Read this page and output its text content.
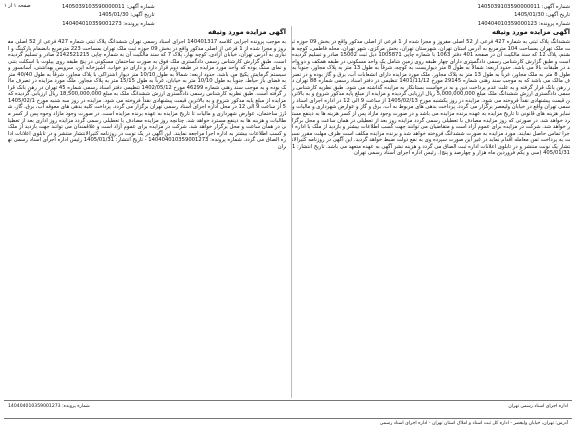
شماره آگهی: 1405039103590000011
تاریخ آگهی: 1405/01/30
شماره پرونده: 140404010359000123
شماره آگهی: 1405039103590000011
تاریخ آگهی: 1405/01/30
شماره پرونده: 140404010359001273
صفحه ۱ از ۱
آگهی مزایده مورد وثیقه
ششدانگ پلاک ثبتی به شماره 427 فرعی از 52 اصلی مفروز و مجزا شده از 1 فرعی از اصلی مذکور واقع در بخش 09 حوزه ثبت ملک تهران بمساحت 104 مترمربع به آدرس استان تهران، شهرستان تهران، بخش مرکزی، شهر تهران، محله فاطمی، کوچه هشتم، پلاک 12 که سند مالکیت آن در صفحه 401 دفتر 1063 با شماره چاپی 1005871 ذیل ثبت 15002 صادر و تسلیم گردیده است و طبق گزارش کارشناس رسمی دادگستری دارای چهار طبقه روی زمین شامل یک واحد مسکونی در طبقه همکف و دو واحد در طبقات بالا می باشد. حدود اربعه: شمالاً به طول 8 متر دیواریست به کوچه، شرقاً به طول 13 متر به پلاک مجاور، جنوباً به طول 8 متر به ملک مجاور، غرباً به طول 13 متر به پلاک مجاور. ملک مورد مزایده دارای انشعابات آب، برق و گاز بوده و در تصرف مالک می باشد که به موجب سند رهنی شماره 29145 مورخ 1401/11/12 تنظیمی در دفتر اسناد رسمی شماره 88 تهران در رهن بانک قرار گرفته و به علت عدم پرداخت دین و به درخواست بستانکار به مزایده گذاشته می شود. طبق نظریه کارشناس رسمی دادگستری ارزش ششدانگ ملک مبلغ 5,000,000,000 ریال ارزیابی گردیده و مزایده از مبلغ پایه مذکور شروع و به بالاترین قیمت پیشنهادی نقداً فروخته می شود. مزایده در روز یکشنبه مورخ 1405/02/13 از ساعت 9 الی 12 در اداره اجرای اسناد رسمی تهران واقع در خیابان ولیعصر برگزار می گردد. پرداخت بدهی های مربوط به آب، برق و گاز و عوارض شهرداری و مالیات و سایر هزینه های قانونی تا تاریخ مزایده به عهده برنده مزایده می باشد و در صورت وجود مازاد پس از کسر هزینه ها به ذینفع مسترد خواهد شد. در صورتی که روز مزایده مصادف با تعطیلی رسمی گردد مزایده روز بعد از تعطیلی در همان ساعت و محل برگزار خواهد شد. شرکت در مزایده برای عموم آزاد است و متقاضیان می توانند جهت کسب اطلاعات بیشتر و بازدید از ملک با اداره اجرا تماس حاصل نمایند. مورد مزایده به صورت ششدانگ فروخته خواهد شد و برنده مزایده مکلف است ظرف مهلت مقرر نسبت به پرداخت ثمن معامله اقدام نماید در غیر این صورت سپرده وی به نفع دولت ضبط خواهد گردید. این آگهی در روزنامه کثیرالانتشار یک نوبت منتشر و در تابلوی اعلانات اداره ثبت الصاق می گردد و هزینه نشر آگهی به عهده متعهد می باشد. تاریخ انتشار: 1405/01/31 (سی و یکم فروردین ماه هزار و چهارصد و پنج). رئیس اداره اجرای اسناد رسمی تهران
آگهی مزایده مورد وثیقه
به موجب پرونده اجرایی کلاسه 140401317 اجرای اسناد رسمی تهران ششدانگ پلاک ثبتی شماره 427 فرعی از 52 اصلی مفروز و مجزا شده از 1 فرعی از اصلی مذکور واقع در بخش 09 حوزه ثبت ملک تهران بمساحت 223 مترمربع بانضمام پارکینگ و انباری به آدرس تهران، خیابان آزادی، کوچه بهار، پلاک 7 که سند مالکیت آن به شماره چاپی 2142521215 صادر و تسلیم گردیده است، طبق گزارش کارشناس رسمی دادگستری ملک فوق به صورت ساختمان مسکونی در پنج طبقه روی پیلوت با اسکلت بتنی و نمای سنگ بوده که واحد مورد مزایده در طبقه دوم قرار دارد و دارای دو خواب، آشپزخانه اپن، سرویس بهداشتی، آسانسور و سیستم گرمایش پکیج می باشد. حدود اربعه: شمالاً به طول 10/10 متر دیوار اشتراکی با پلاک مجاور، شرقاً به طول 40/40 متر به فضای باز حیاط، جنوباً به طول 10/10 متر به خیابان، غرباً به طول 15/15 متر به پلاک مجاور. ملک مورد مزایده در تصرف مالک بوده و به موجب سند رهنی شماره 46299 مورخ 1402/05/12 تنظیمی دفتر اسناد رسمی شماره 45 تهران در رهن بانک قرار گرفته است. طبق نظریه کارشناس رسمی دادگستری ارزش ششدانگ ملک به مبلغ 18,500,000,000 ریال ارزیابی گردیده که مزایده از مبلغ پایه مذکور شروع و به بالاترین قیمت پیشنهادی نقداً فروخته می شود. مزایده در روز سه شنبه مورخ 1405/02/15 از ساعت 9 الی 12 در محل اداره اجرای اسناد رسمی تهران برگزار می گردد. پرداخت کلیه بدهی های معوقه آب، برق، گاز، شارژ ساختمان، عوارض شهرداری و مالیات تا تاریخ مزایده به عهده برنده مزایده است. در صورت وجود مازاد وجوه پس از کسر مطالبات و هزینه ها به ذینفع مسترد خواهد شد. چنانچه روز مزایده مصادف با تعطیلی رسمی گردد مزایده روز اداری بعد از تعطیلی در همان ساعت و محل برگزار خواهد شد. شرکت در مزایده برای عموم آزاد است و علاقمندان می توانند جهت بازدید از ملک و کسب اطلاعات بیشتر به اداره اجرا مراجعه نمایند. این آگهی در یک نوبت در روزنامه کثیرالانتشار منتشر و در تابلوی اعلانات اداره الصاق می گردد. شماره پرونده: 140404010359001273 - تاریخ انتشار: 1405/01/31 رئیس اداره اجرای اسناد رسمی تهران
اداره اجرای اسناد رسمی تهران
شماره پرونده: 140404010359001273
آدرس: تهران، خیابان ولیعصر - اداره کل ثبت اسناد و املاک استان تهران - اداره اجرای اسناد رسمی
